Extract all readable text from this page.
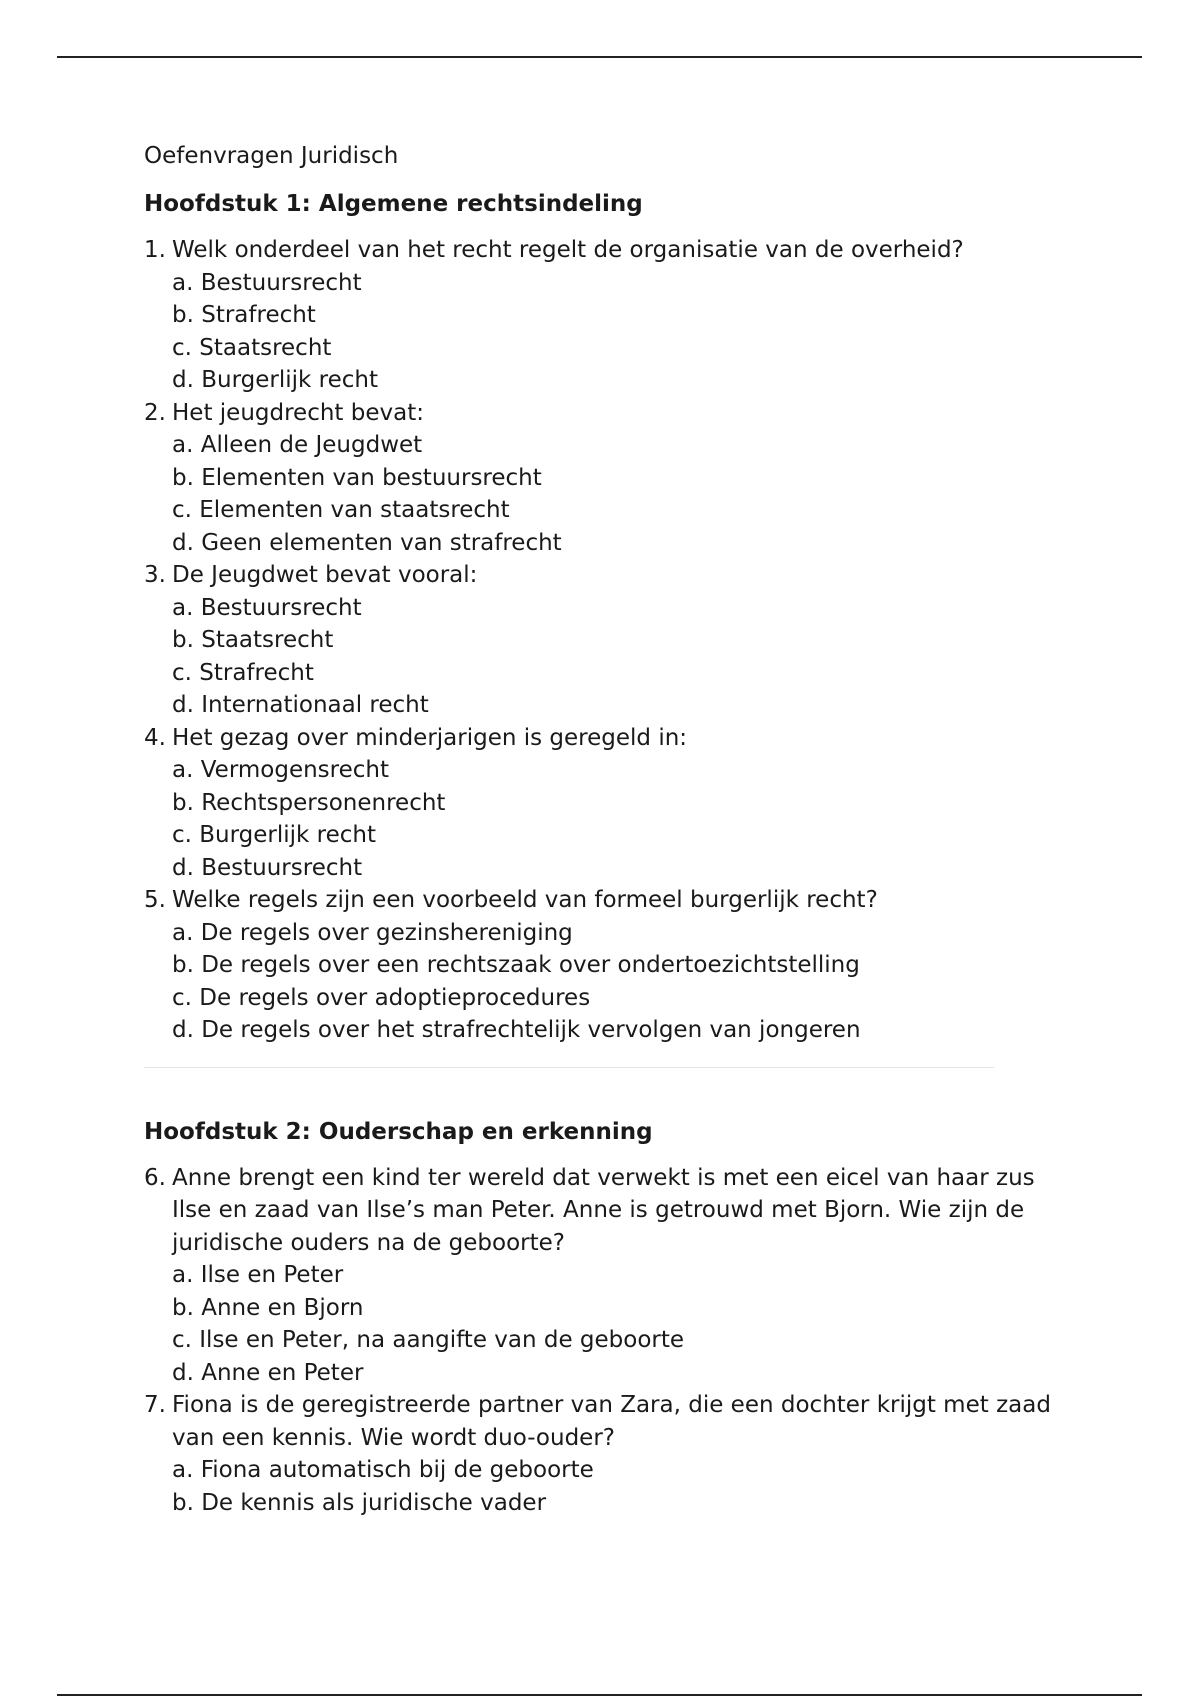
Oefenvragen Juridisch
Hoofdstuk 1: Algemene rechtsindeling
1. Welk onderdeel van het recht regelt de organisatie van de overheid?
a. Bestuursrecht
b. Strafrecht
c. Staatsrecht
d. Burgerlijk recht
2. Het jeugdrecht bevat:
a. Alleen de Jeugdwet
b. Elementen van bestuursrecht
c. Elementen van staatsrecht
d. Geen elementen van strafrecht
3. De Jeugdwet bevat vooral:
a. Bestuursrecht
b. Staatsrecht
c. Strafrecht
d. Internationaal recht
4. Het gezag over minderjarigen is geregeld in:
a. Vermogensrecht
b. Rechtspersonenrecht
c. Burgerlijk recht
d. Bestuursrecht
5. Welke regels zijn een voorbeeld van formeel burgerlijk recht?
a. De regels over gezinshereniging
b. De regels over een rechtszaak over ondertoezichtstelling
c. De regels over adoptieprocedures
d. De regels over het strafrechtelijk vervolgen van jongeren
Hoofdstuk 2: Ouderschap en erkenning
6. Anne brengt een kind ter wereld dat verwekt is met een eicel van haar zus Ilse en zaad van Ilse’s man Peter. Anne is getrouwd met Bjorn. Wie zijn de juridische ouders na de geboorte?
a. Ilse en Peter
b. Anne en Bjorn
c. Ilse en Peter, na aangifte van de geboorte
d. Anne en Peter
7. Fiona is de geregistreerde partner van Zara, die een dochter krijgt met zaad van een kennis. Wie wordt duo-ouder?
a. Fiona automatisch bij de geboorte
b. De kennis als juridische vader
